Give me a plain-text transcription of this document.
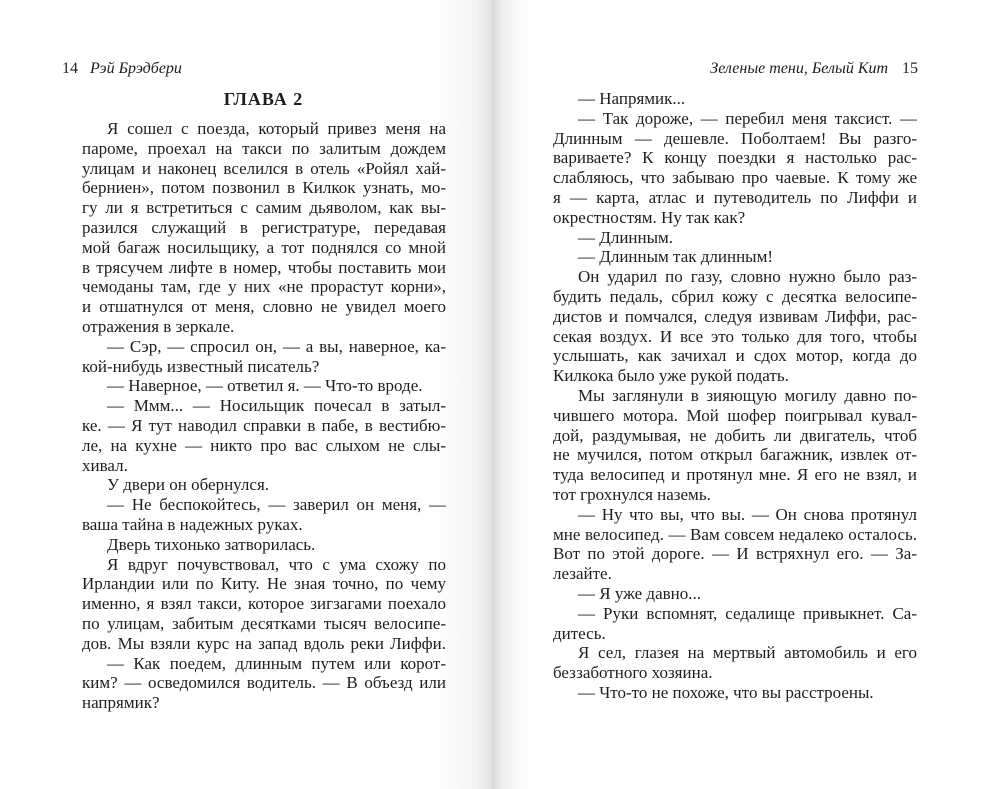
14 Рэй Брэдбери
ГЛАВА 2
Я сошел с поезда, который привез меня на
пароме, проехал на такси по залитым дождем
улицам и наконец вселился в отель «Ройял хай-
берниен», потом позвонил в Килкок узнать, мо-
гу ли я встретиться с самим дьяволом, как вы-
разился служащий в регистратуре, передавая
мой багаж носильщику, а тот поднялся со мной
в трясучем лифте в номер, чтобы поставить мои
чемоданы там, где у них «не прорастут корни»,
и отшатнулся от меня, словно не увидел моего
отражения в зеркале.
— Сэр, — спросил он, — а вы, наверное, ка-
кой-нибудь известный писатель?
— Наверное, — ответил я. — Что-то вроде.
— Ммм... — Носильщик почесал в затыл-
ке. — Я тут наводил справки в пабе, в вестибю-
ле, на кухне — никто про вас слыхом не слы-
хивал.
У двери он обернулся.
— Не беспокойтесь, — заверил он меня, —
ваша тайна в надежных руках.
Дверь тихонько затворилась.
Я вдруг почувствовал, что с ума схожу по
Ирландии или по Киту. Не зная точно, по чему
именно, я взял такси, которое зигзагами поехало
по улицам, забитым десятками тысяч велосипе-
дов. Мы взяли курс на запад вдоль реки Лиффи.
— Как поедем, длинным путем или корот-
ким? — осведомился водитель. — В объезд или
напрямик?
Зеленые тени, Белый Кит 15
— Напрямик...
— Так дороже, — перебил меня таксист. —
Длинным — дешевле. Поболтаем! Вы разго-
вариваете? К концу поездки я настолько рас-
слабляюсь, что забываю про чаевые. К тому же
я — карта, атлас и путеводитель по Лиффи и
окрестностям. Ну так как?
— Длинным.
— Длинным так длинным!
Он ударил по газу, словно нужно было раз-
будить педаль, сбрил кожу с десятка велосипе-
дистов и помчался, следуя извивам Лиффи, рас-
секая воздух. И все это только для того, чтобы
услышать, как зачихал и сдох мотор, когда до
Килкока было уже рукой подать.
Мы заглянули в зияющую могилу давно по-
чившего мотора. Мой шофер поигрывал кувал-
дой, раздумывая, не добить ли двигатель, чтоб
не мучился, потом открыл багажник, извлек от-
туда велосипед и протянул мне. Я его не взял, и
тот грохнулся наземь.
— Ну что вы, что вы. — Он снова протянул
мне велосипед. — Вам совсем недалеко осталось.
Вот по этой дороге. — И встряхнул его. — За-
лезайте.
— Я уже давно...
— Руки вспомнят, седалище привыкнет. Са-
дитесь.
Я сел, глазея на мертвый автомобиль и его
беззаботного хозяина.
— Что-то не похоже, что вы расстроены.
